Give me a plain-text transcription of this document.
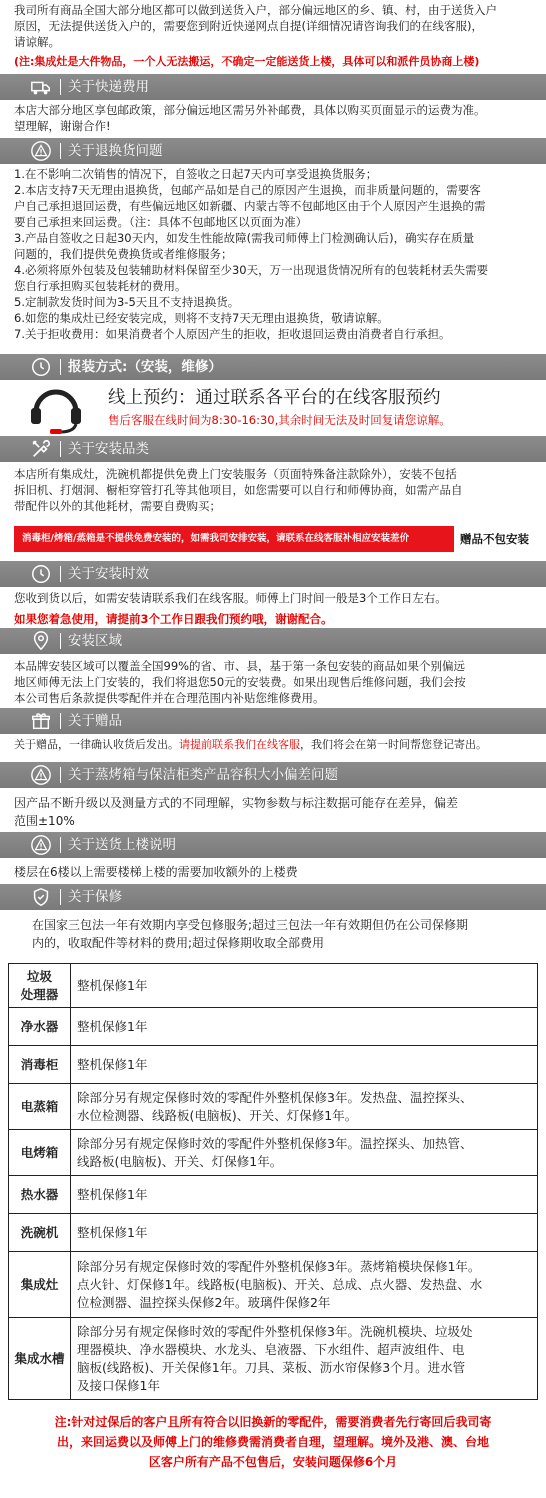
我司所有商品全国大部分地区都可以做到送货入户，部分偏远地区的乡、镇、村，由于送货入户
原因，无法提供送货入户的，需要您到附近快递网点自提(详细情况请咨询我们的在线客服)，
请谅解。
(注:集成灶是大件物品，一个人无法搬运，不确定一定能送货上楼，具体可以和派件员协商上楼)
关于快递费用
本店大部分地区享包邮政策，部分偏远地区需另外补邮费，具体以购买页面显示的运费为准。
望理解，谢谢合作!
关于退换货问题
1.在不影响二次销售的情况下，自签收之日起7天内可享受退换货服务；
2.本店支持7天无理由退换货，包邮产品如是自己的原因产生退换，而非质量问题的，需要客
户自己承担退回运费，有些偏远地区如新疆、内蒙古等不包邮地区由于个人原因产生退换的需
要自己承担来回运费。（注：具体不包邮地区以页面为准）
3.产品自签收之日起30天内，如发生性能故障(需我司师傅上门检测确认后)，确实存在质量
问题的，我们提供免费换货或者维修服务；
4.必须将原外包装及包装辅助材料保留至少30天，万一出现退货情况所有的包装耗材丢失需要
您自行承担购买包装耗材的费用。
5.定制款发货时间为3-5天且不支持退换货。
6.如您的集成灶已经安装完成，则将不支持7天无理由退换货，敬请谅解。
7.关于拒收费用：如果消费者个人原因产生的拒收，拒收退回运费由消费者自行承担。
报装方式:（安装，维修）
线上预约：通过联系各平台的在线客服预约
售后客服在线时间为8:30-16:30,其余时间无法及时回复请您谅解。
关于安装品类
本店所有集成灶，洗碗机都提供免费上门安装服务（页面特殊备注款除外），安装不包括
拆旧机、打烟洞、橱柜穿管打孔等其他项目，如您需要可以自行和师傅协商，如需产品自
带配件以外的其他耗材，需要自费购买；
消毒柜/烤箱/蒸箱是不提供免费安装的，如需我司安排安装，请联系在线客服补相应安装差价	赠品不包安装
关于安装时效
您收到货以后，如需安装请联系我们在线客服。师傅上门时间一般是3个工作日左右。
如果您着急使用，请提前3个工作日跟我们预约哦，谢谢配合。
安装区域
本品牌安装区域可以覆盖全国99%的省、市、县，基于第一条包安装的商品如果个别偏远
地区师傅无法上门安装的，我们将退您50元的安装费。如果出现售后维修问题，我们会按
本公司售后条款提供零配件并在合理范围内补贴您维修费用。
关于赠品
关于赠品，一律确认收货后发出。请提前联系我们在线客服，我们将会在第一时间帮您登记寄出。
关于蒸烤箱与保洁柜类产品容积大小偏差问题
因产品不断升级以及测量方式的不同理解，实物参数与标注数据可能存在差异，偏差
范围±10%
关于送货上楼说明
楼层在6楼以上需要楼梯上楼的需要加收额外的上楼费
关于保修
在国家三包法一年有效期内享受包修服务;超过三包法一年有效期但仍在公司保修期
内的，收取配件等材料的费用;超过保修期收取全部费用
垃圾
处理器	整机保修1年

净水器	整机保修1年

消毒柜	整机保修1年

电蒸箱	除部分另有规定保修时效的零配件外整机保修3年。发热盘、温控探头、
水位检测器、线路板(电脑板)、开关、灯保修1年。

电烤箱	除部分另有规定保修时效的零配件外整机保修3年。温控探头、加热管、
线路板(电脑板)、开关、灯保修1年。

热水器	整机保修1年

洗碗机	整机保修1年

集成灶	除部分另有规定保修时效的零配件外整机保修3年。蒸烤箱模块保修1年。
点火针、灯保修1年。线路板(电脑板)、开关、总成、点火器、发热盘、水
位检测器、温控探头保修2年。玻璃件保修2年

集成水槽	除部分另有规定保修时效的零配件外整机保修3年。洗碗机模块、垃圾处
理器模块、净水器模块、水龙头、皂液器、下水组件、超声波组件、电
脑板(线路板)、开关保修1年。刀具、菜板、沥水帘保修3个月。进水管
及接口保修1年
注:针对过保后的客户且所有符合以旧换新的零配件，需要消费者先行寄回后我司寄
出，来回运费以及师傅上门的维修费需消费者自理，望理解。境外及港、澳、台地
区客户所有产品不包售后，安装问题保修6个月
